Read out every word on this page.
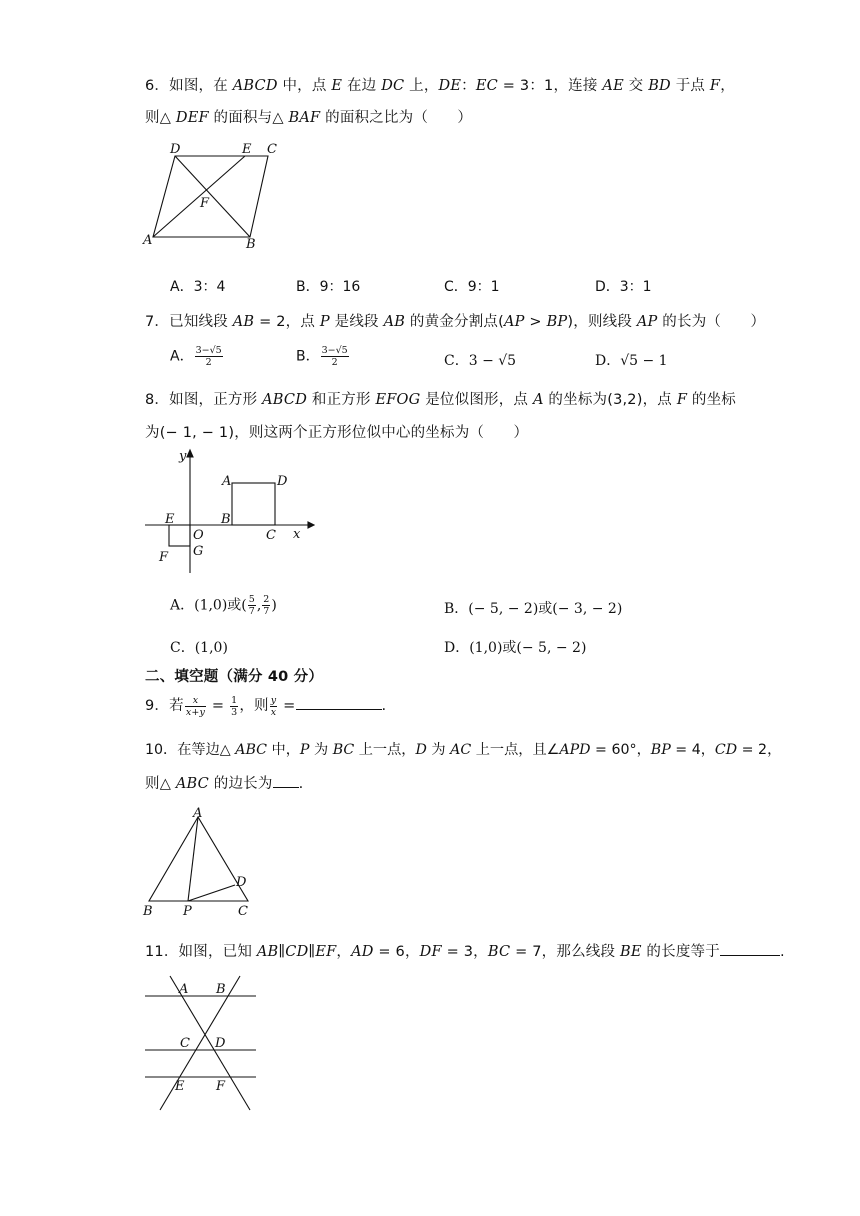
6．如图，在 ABCD 中，点 E 在边 DC 上，DE：EC = 3：1，连接 AE 交 BD 于点 F，
则△ DEF 的面积与△ BAF 的面积之比为（　　）
D	E C
F
A	B
A．3：4	B．9：16	C．9：1	D．3：1
7．已知线段 AB = 2，点 P 是线段 AB 的黄金分割点(AP > BP)，则线段 AP 的长为（　　）
A． $\frac{3-√5}{2}$	B． $\frac{3-√5}{2}$	C．3 − √5	D．√5 − 1
8．如图，正方形 ABCD 和正方形 EFOG 是位似图形，点 A 的坐标为(3,2)，点 F 的坐标
为(− 1, − 1)，则这两个正方形位似中心的坐标为（　　）
y
x
A	D
E
O
B
C
G
F
A．(1,0)或( $\frac{5}{7}$ , $\frac{2}{7}$ )	B．(− 5, − 2)或(− 3, − 2)
C．(1,0)	D．(1,0)或(− 5, − 2)
二、填空题（满分 40 分）
9．若 $\frac{x}{x+y} = \frac{1}{3}$ ，则 $\frac{y}{x}$ =	.
10．在等边△ ABC 中，P 为 BC 上一点，D 为 AC 上一点，且∠APD = 60°，BP = 4，CD = 2，
则△ ABC 的边长为 .
A
D
B P	C
11．如图，已知 AB∥CD∥EF，AD = 6，DF = 3，BC = 7，那么线段 BE 的长度等于	.
A B
C D
E F
